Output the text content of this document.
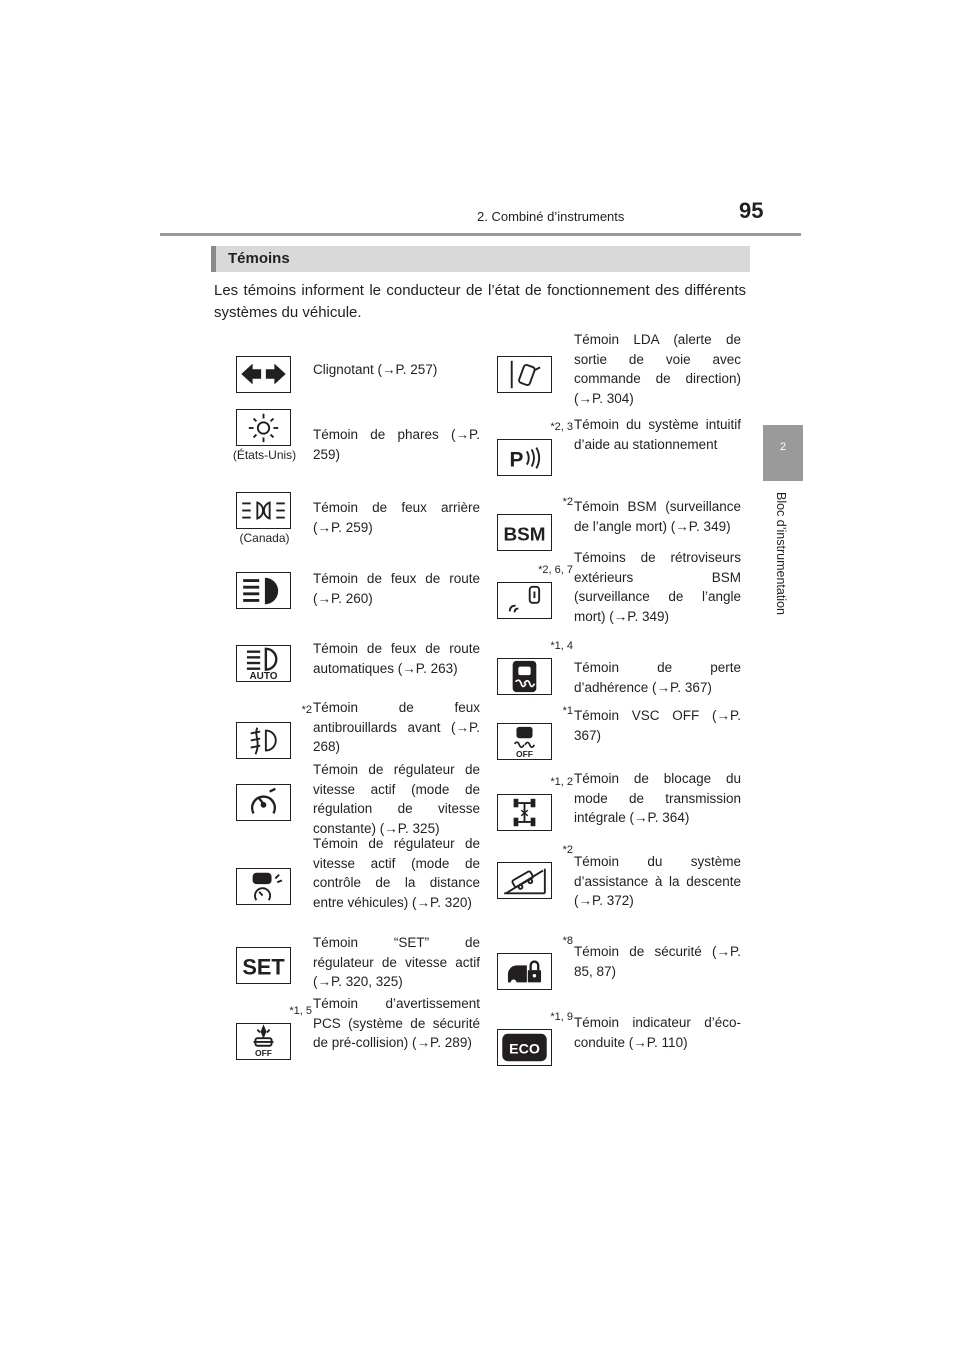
2. Combiné d’instruments	95
2
Bloc d’instrumentation
Témoins
Les témoins informent le conducteur de l’état de fonctionnement des différents systèmes du véhicule.
Clignotant (→P. 257)
(États-Unis)
Témoin de phares (→P. 259)
(Canada)
Témoin de feux arrière (→P. 259)
Témoin de feux de route (→P. 260)
AUTO
Témoin de feux de route automatiques (→P. 263)
*2 Témoin de feux antibrouillards avant (→P. 268)
Témoin de régulateur de vitesse actif (mode de régulation de vitesse constante) (→P. 325)
Témoin de régulateur de vitesse actif (mode de contrôle de la distance entre véhicules) (→P. 320)
SET
Témoin “SET” de régulateur de vitesse actif (→P. 320, 325)
OFF
*1, 5 Témoin d’avertissement PCS (système de sécurité de pré-collision) (→P. 289)
Témoin LDA (alerte de sortie de voie avec commande de direction) (→P. 304)
P
*2, 3 Témoin du système intuitif d’aide au stationnement
BSM
*2 Témoin BSM (surveillance de l’angle mort) (→P. 349)
*2, 6, 7
Témoins de rétroviseurs extérieurs BSM (surveillance de l’angle mort) (→P. 349)
*1, 4
Témoin de perte d’adhérence (→P. 367)
OFF
*1 Témoin VSC OFF (→P. 367)
*1, 2 Témoin de blocage du mode de transmission intégrale (→P. 364)
*2
Témoin du système d’assistance à la descente (→P. 372)
*8
Témoin de sécurité (→P. 85, 87)
ECO
*1, 9 Témoin indicateur d’éco-conduite (→P. 110)
